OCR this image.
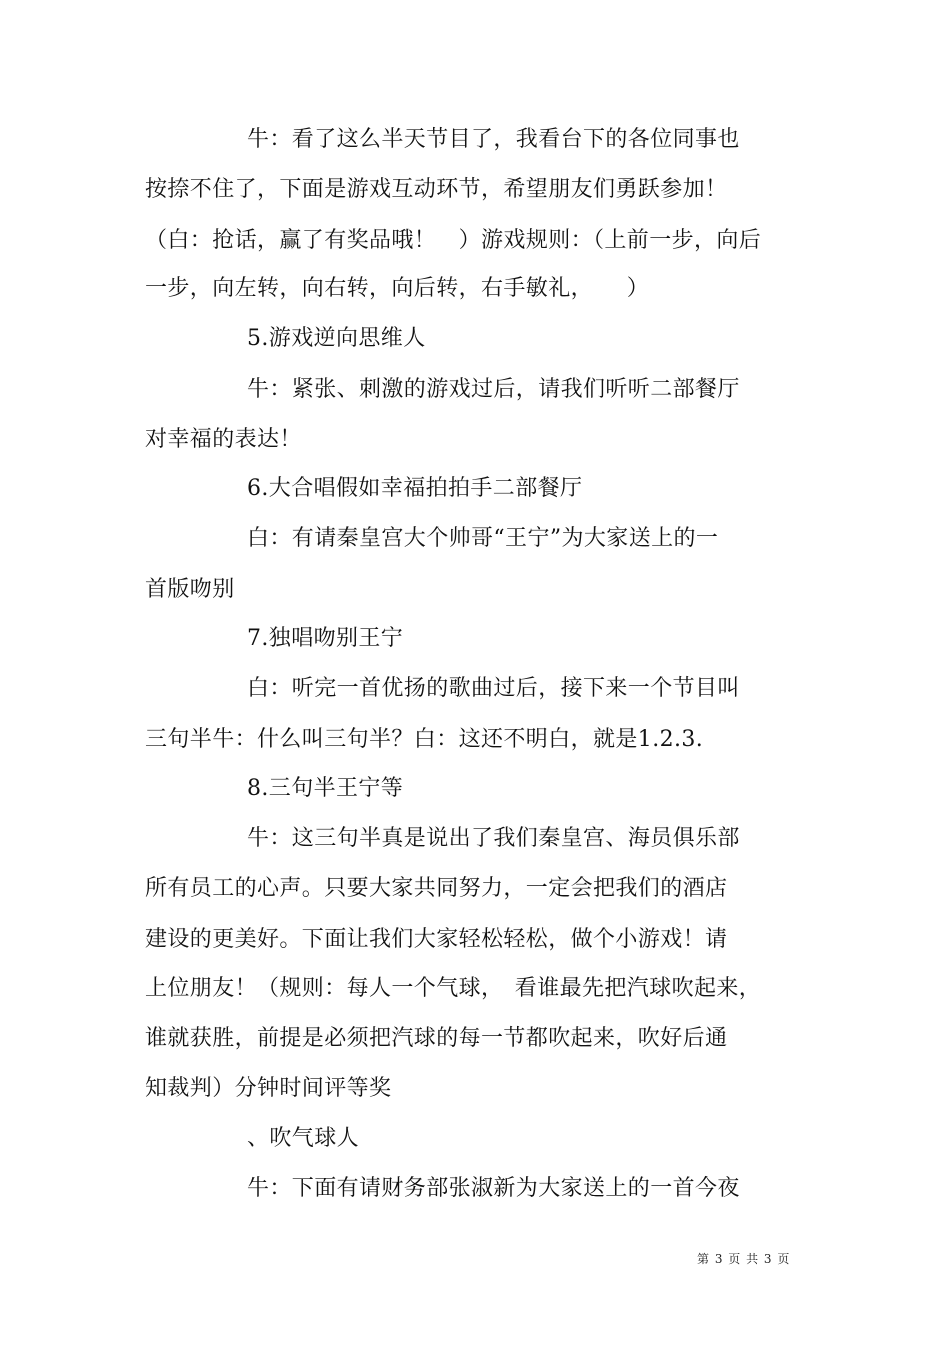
牛：看了这么半天节目了，我看台下的各位同事也
按捺不住了，下面是游戏互动环节，希望朋友们勇跃参加！
（白：抢话，赢了有奖品哦！　）游戏规则：（上前一步，向后
一步，向左转，向右转，向后转，右手敏礼，　　）
5.游戏逆向思维人
牛：紧张、刺激的游戏过后，请我们听听二部餐厅
对幸福的表达！
6.大合唱假如幸福拍拍手二部餐厅
白：有请秦皇宫大个帅哥“王宁”为大家送上的一
首版吻别
7.独唱吻别王宁
白：听完一首优扬的歌曲过后，接下来一个节目叫
三句半牛：什么叫三句半？白：这还不明白，就是1.2.3.
8.三句半王宁等
牛：这三句半真是说出了我们秦皇宫、海员俱乐部
所有员工的心声。只要大家共同努力，一定会把我们的酒店
建设的更美好。下面让我们大家轻松轻松，做个小游戏！请
上位朋友！（规则：每人一个气球，　看谁最先把汽球吹起来，
谁就获胜，前提是必须把汽球的每一节都吹起来，吹好后通
知裁判）分钟时间评等奖
、吹气球人
牛：下面有请财务部张淑新为大家送上的一首今夜
第 3 页 共 3 页
